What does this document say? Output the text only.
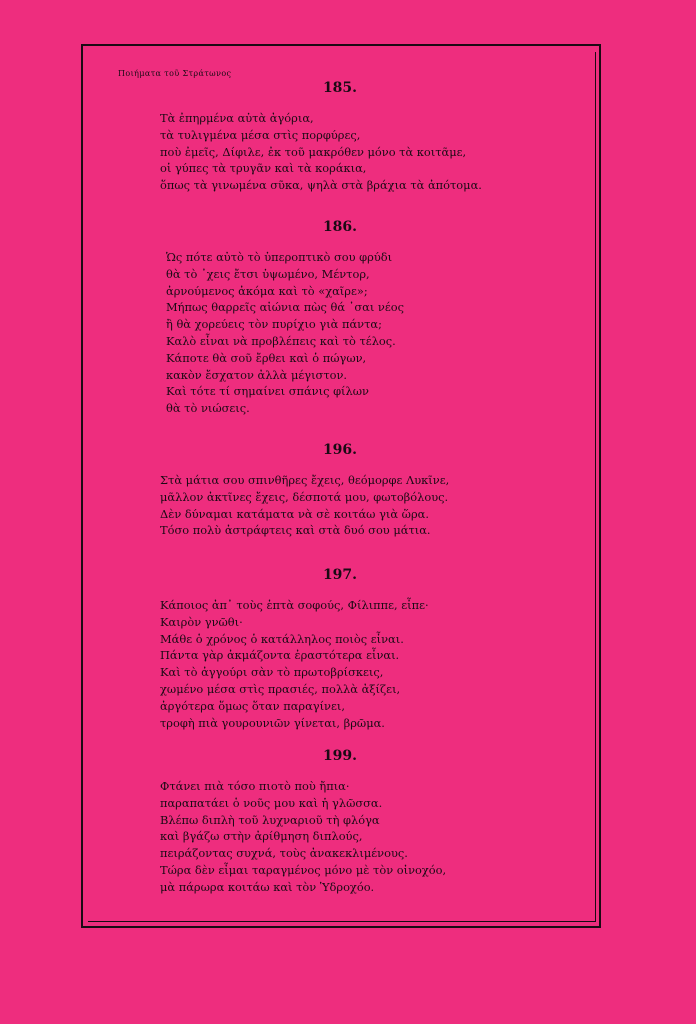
Ποιήματα τοῦ Στράτωνος

185.
Τὰ ἐπηρμένα αὐτὰ ἀγόρια,
τὰ τυλιγμένα μέσα στὶς πορφύρες,
ποὺ ἐμεῖς, Δίφιλε, ἐκ τοῦ μακρόθεν μόνο τὰ κοιτᾶμε,
οἱ γύπες τὰ τρυγᾶν καὶ τὰ κοράκια,
ὅπως τὰ γινωμένα σῦκα, ψηλὰ στὰ βράχια τὰ ἀπότομα.
186.
Ὡς πότε αὐτὸ τὸ ὑπεροπτικὸ σου φρύδι
θὰ τὸ ᾿χεις ἔτσι ὑψωμένο, Μέντορ,
ἀρνούμενος ἀκόμα καὶ τὸ «χαῖρε»;
Μήπως θαρρεῖς αἰώνια πὼς θά ᾿σαι νέος
ἢ θὰ χορεύεις τὸν πυρίχιο γιὰ πάντα;
Καλὸ εἶναι νὰ προβλέπεις καὶ τὸ τέλος.
Κάποτε θὰ σοῦ ἔρθει καὶ ὁ πώγων,
κακὸν ἔσχατον ἀλλὰ μέγιστον.
Καὶ τότε τί σημαίνει σπάνις φίλων
θὰ τὸ νιώσεις.
196.
Στὰ μάτια σου σπινθῆρες ἔχεις, θεόμορφε Λυκῖνε,
μᾶλλον ἀκτῖνες ἔχεις, δέσποτά μου, φωτοβόλους.
Δὲν δύναμαι κατάματα νὰ σὲ κοιτάω γιὰ ὥρα.
Τόσο πολὺ ἀστράφτεις καὶ στὰ δυό σου μάτια.
197.
Κάποιος ἀπ᾿ τοὺς ἑπτὰ σοφούς, Φίλιππε, εἶπε·
Καιρὸν γνῶθι·
Μάθε ὁ χρόνος ὁ κατάλληλος ποιὸς εἶναι.
Πάντα γὰρ ἀκμάζοντα ἐραστότερα εἶναι.
Καὶ τὸ ἀγγούρι σὰν τὸ πρωτοβρίσκεις,
χωμένο μέσα στὶς πρασιές, πολλὰ ἀξίζει,
ἀργότερα ὅμως ὅταν παραγίνει,
τροφὴ πιὰ γουρουνιῶν γίνεται, βρῶμα.
199.
Φτάνει πιὰ τόσο πιοτὸ ποὺ ἤπια·
παραπατάει ὁ νοῦς μου καὶ ἡ γλῶσσα.
Βλέπω διπλὴ τοῦ λυχναριοῦ τὴ φλόγα
καὶ βγάζω στὴν ἀρίθμηση διπλούς,
πειράζοντας συχνά, τοὺς ἀνακεκλιμένους.
Τώρα δὲν εἶμαι ταραγμένος μόνο μὲ τὸν οἰνοχόο,
μὰ πάρωρα κοιτάω καὶ τὸν Ὑδροχόο.
